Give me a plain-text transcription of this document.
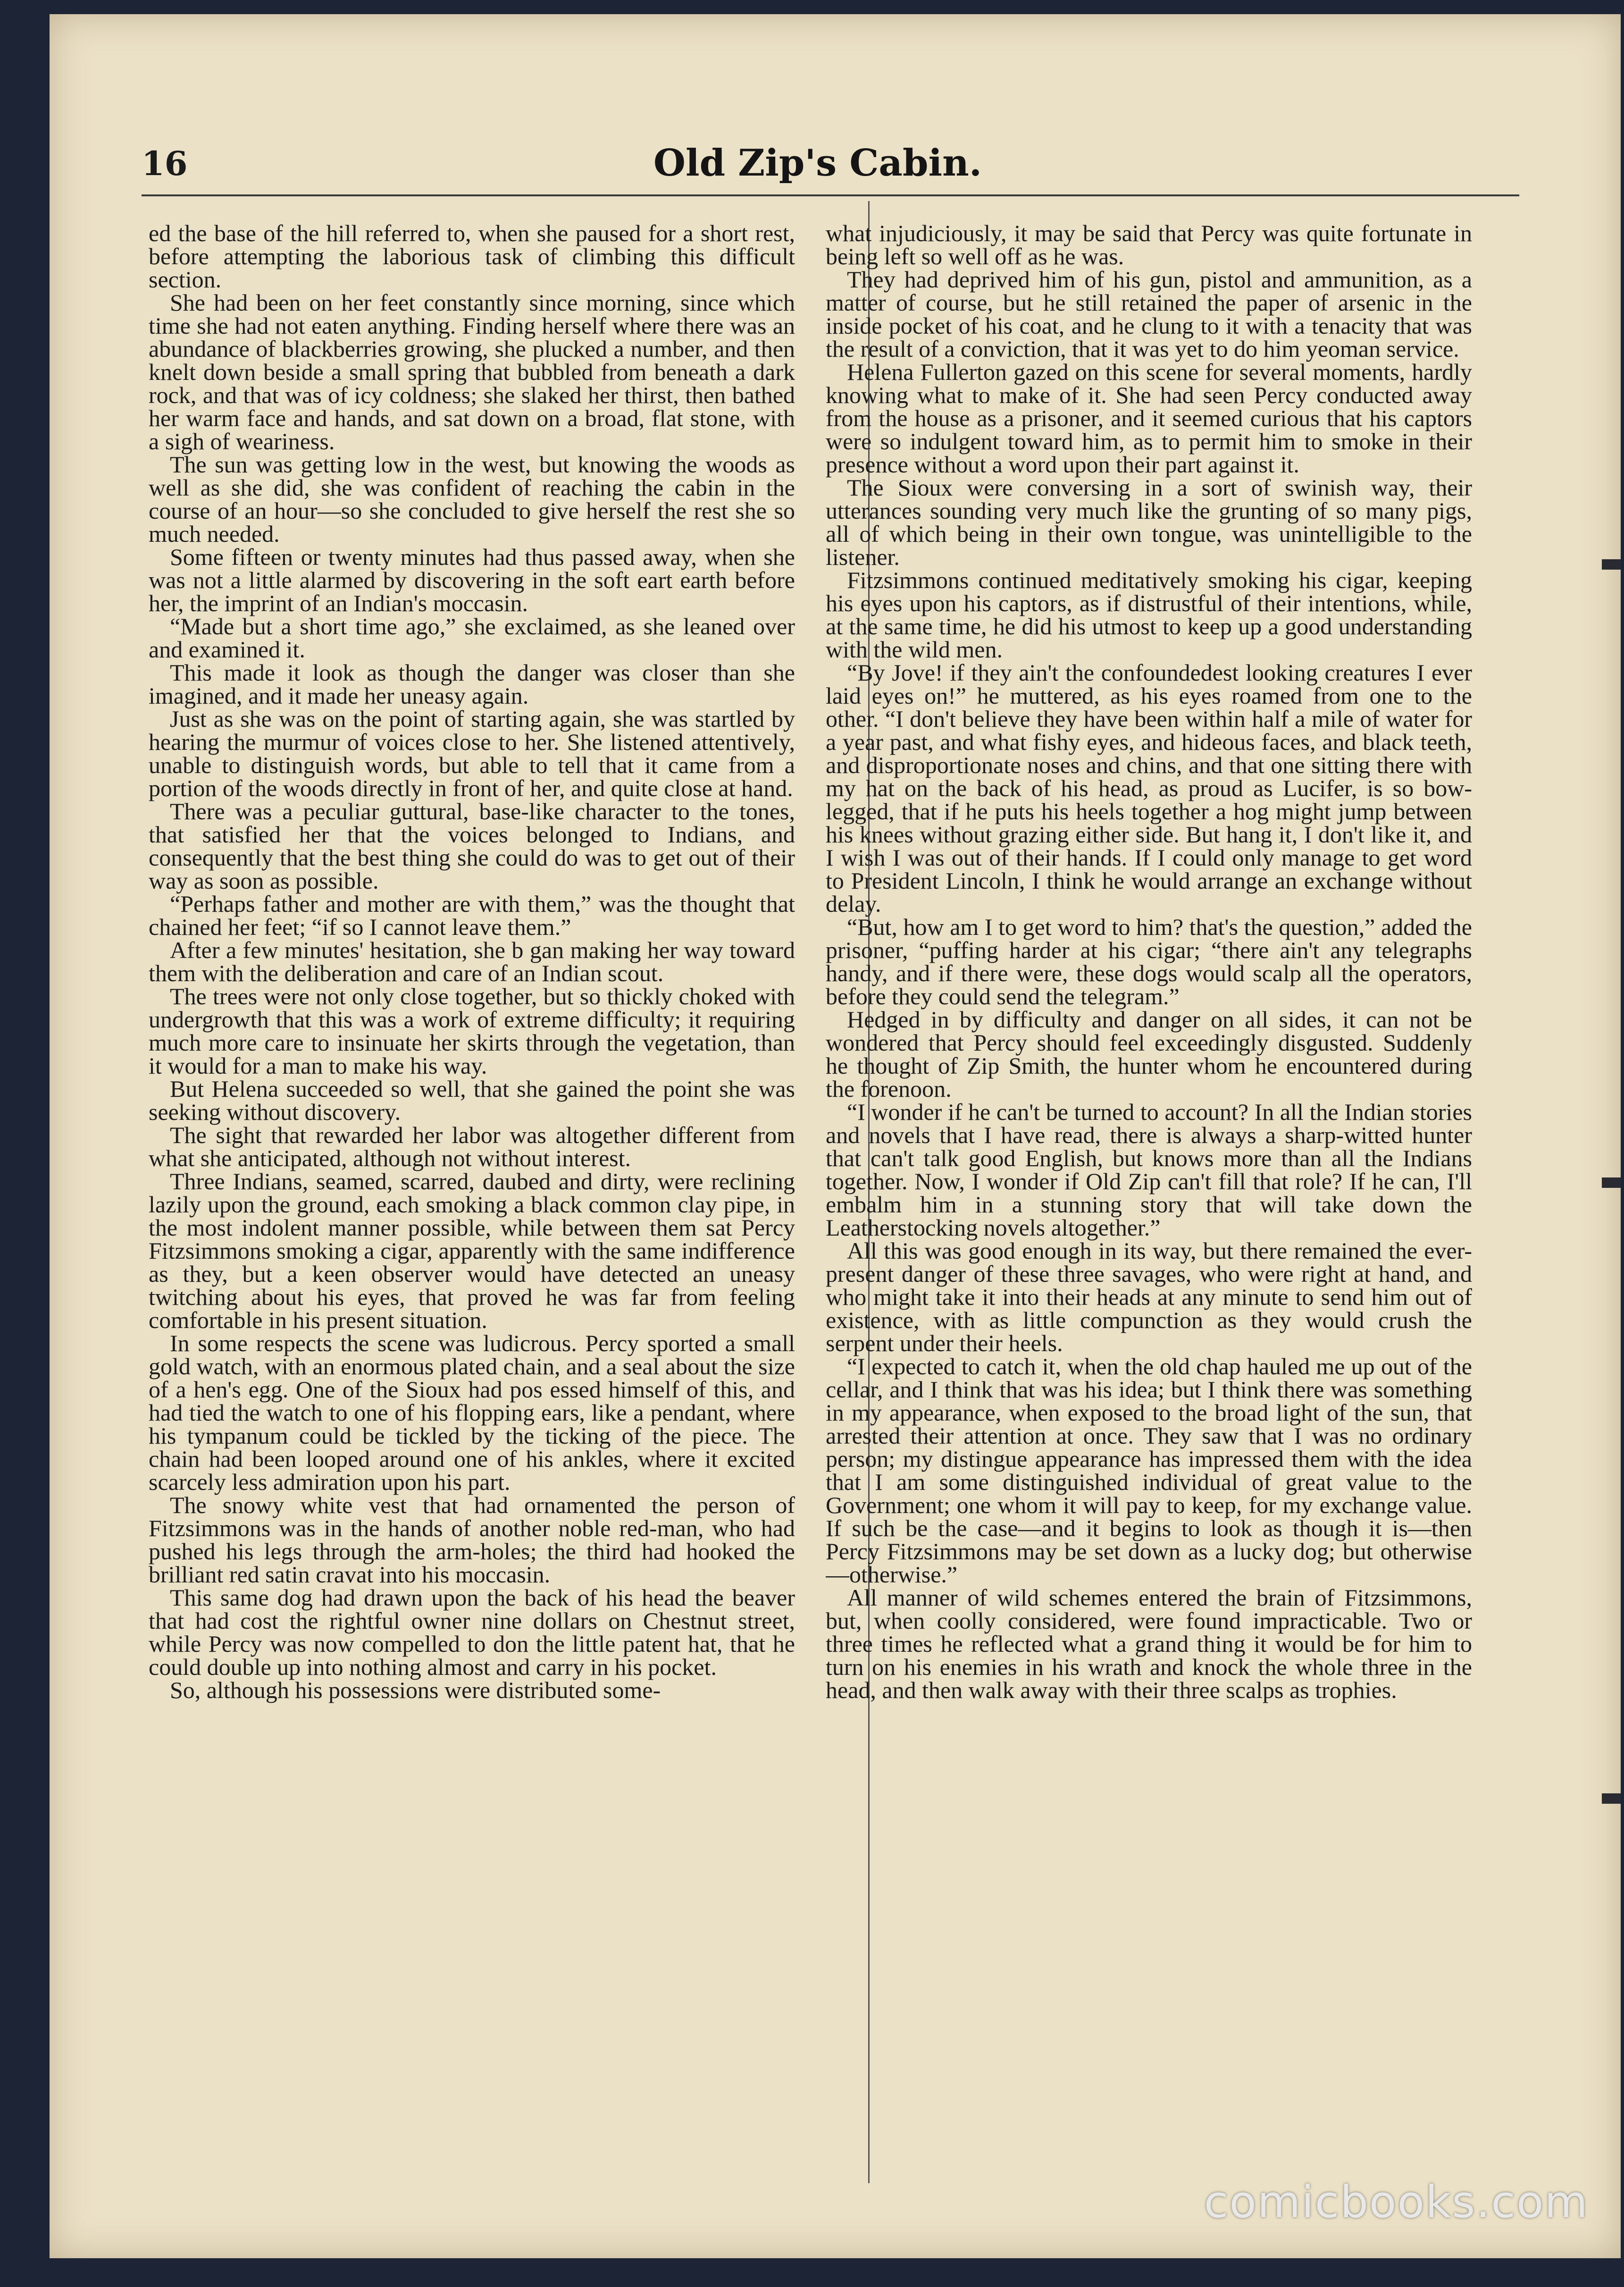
16	Old Zip's Cabin.

ed the base of the hill referred to, when she paused for a short rest, before attempting the laborious task of climbing this difficult section.

She had been on her feet constantly since morning, since which time she had not eaten anything. Finding herself where there was an abundance of blackberries growing, she plucked a number, and then knelt down beside a small spring that bubbled from beneath a dark rock, and that was of icy coldness; she slaked her thirst, then bathed her warm face and hands, and sat down on a broad, flat stone, with a sigh of weariness.

The sun was getting low in the west, but knowing the woods as well as she did, she was confident of reaching the cabin in the course of an hour—so she concluded to give herself the rest she so much needed.

Some fifteen or twenty minutes had thus passed away, when she was not a little alarmed by discovering in the soft eart earth before her, the imprint of an Indian's moccasin.

“Made but a short time ago,” she exclaimed, as she leaned over and examined it.

This made it look as though the danger was closer than she imagined, and it made her uneasy again.

Just as she was on the point of starting again, she was startled by hearing the murmur of voices close to her. She listened attentively, unable to distinguish words, but able to tell that it came from a portion of the woods directly in front of her, and quite close at hand.

There was a peculiar guttural, base-like character to the tones, that satisfied her that the voices belonged to Indians, and consequently that the best thing she could do was to get out of their way as soon as possible.

“Perhaps father and mother are with them,” was the thought that chained her feet; “if so I cannot leave them.”

After a few minutes' hesitation, she b gan making her way toward them with the deliberation and care of an Indian scout.

The trees were not only close together, but so thickly choked with undergrowth that this was a work of extreme difficulty; it requiring much more care to insinuate her skirts through the vegetation, than it would for a man to make his way.

But Helena succeeded so well, that she gained the point she was seeking without discovery.

The sight that rewarded her labor was altogether different from what she anticipated, although not without interest.

Three Indians, seamed, scarred, daubed and dirty, were reclining lazily upon the ground, each smoking a black common clay pipe, in the most indolent manner possible, while between them sat Percy Fitzsimmons smoking a cigar, apparently with the same indifference as they, but a keen observer would have detected an uneasy twitching about his eyes, that proved he was far from feeling comfortable in his present situation.

In some respects the scene was ludicrous. Percy sported a small gold watch, with an enormous plated chain, and a seal about the size of a hen's egg. One of the Sioux had pos essed himself of this, and had tied the watch to one of his flopping ears, like a pendant, where his tympanum could be tickled by the ticking of the piece. The chain had been looped around one of his ankles, where it excited scarcely less admiration upon his part.

The snowy white vest that had ornamented the person of Fitzsimmons was in the hands of another noble red-man, who had pushed his legs through the arm-holes; the third had hooked the brilliant red satin cravat into his moccasin.

This same dog had drawn upon the back of his head the beaver that had cost the rightful owner nine dollars on Chestnut street, while Percy was now compelled to don the little patent hat, that he could double up into nothing almost and carry in his pocket.

So, although his possessions were distributed some-

what injudiciously, it may be said that Percy was quite fortunate in being left so well off as he was.

They had deprived him of his gun, pistol and ammunition, as a matter of course, but he still retained the paper of arsenic in the inside pocket of his coat, and he clung to it with a tenacity that was the result of a conviction, that it was yet to do him yeoman service.

Helena Fullerton gazed on this scene for several moments, hardly knowing what to make of it. She had seen Percy conducted away from the house as a prisoner, and it seemed curious that his captors were so indulgent toward him, as to permit him to smoke in their presence without a word upon their part against it.

The Sioux were conversing in a sort of swinish way, their utterances sounding very much like the grunting of so many pigs, all of which being in their own tongue, was unintelligible to the listener.

Fitzsimmons continued meditatively smoking his cigar, keeping his eyes upon his captors, as if distrustful of their intentions, while, at the same time, he did his utmost to keep up a good understanding with the wild men.

“By Jove! if they ain't the confoundedest looking creatures I ever laid eyes on!” he muttered, as his eyes roamed from one to the other. “I don't believe they have been within half a mile of water for a year past, and what fishy eyes, and hideous faces, and black teeth, and disproportionate noses and chins, and that one sitting there with my hat on the back of his head, as proud as Lucifer, is so bow-legged, that if he puts his heels together a hog might jump between his knees without grazing either side. But hang it, I don't like it, and I wish I was out of their hands. If I could only manage to get word to President Lincoln, I think he would arrange an exchange without delay.

“But, how am I to get word to him? that's the question,” added the prisoner, “puffing harder at his cigar; “there ain't any telegraphs handy, and if there were, these dogs would scalp all the operators, before they could send the telegram.”

Hedged in by difficulty and danger on all sides, it can not be wondered that Percy should feel exceedingly disgusted. Suddenly he thought of Zip Smith, the hunter whom he encountered during the forenoon.

“I wonder if he can't be turned to account? In all the Indian stories and novels that I have read, there is always a sharp-witted hunter that can't talk good English, but knows more than all the Indians together. Now, I wonder if Old Zip can't fill that role? If he can, I'll embalm him in a stunning story that will take down the Leatherstocking novels altogether.”

All this was good enough in its way, but there remained the ever-present danger of these three savages, who were right at hand, and who might take it into their heads at any minute to send him out of existence, with as little compunction as they would crush the serpent under their heels.

“I expected to catch it, when the old chap hauled me up out of the cellar, and I think that was his idea; but I think there was something in my appearance, when exposed to the broad light of the sun, that arrested their attention at once. They saw that I was no ordinary person; my distingue appearance has impressed them with the idea that I am some distinguished individual of great value to the Government; one whom it will pay to keep, for my exchange value. If such be the case—and it begins to look as though it is—then Percy Fitzsimmons may be set down as a lucky dog; but otherwise—otherwise.”

All manner of wild schemes entered the brain of Fitzsimmons, but, when coolly considered, were found impracticable. Two or three times he reflected what a grand thing it would be for him to turn on his enemies in his wrath and knock the whole three in the head, and then walk away with their three scalps as trophies.

comicbooks.com
